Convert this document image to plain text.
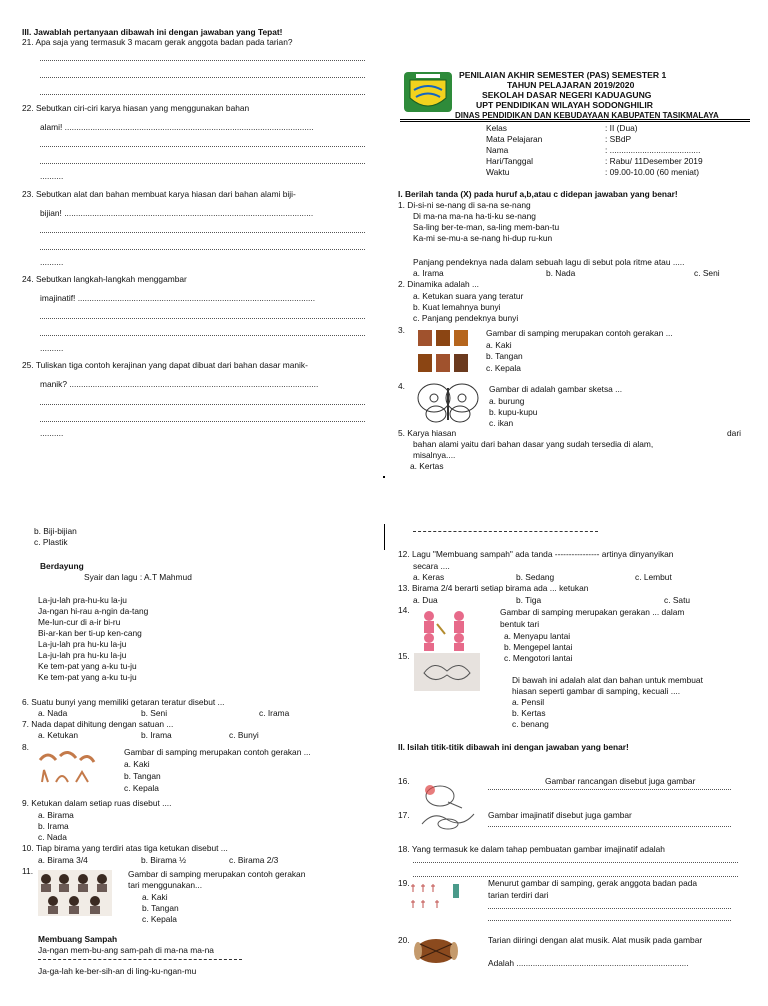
III. Jawablah pertanyaan dibawah ini dengan jawaban yang Tepat!
21. Apa saja yang termasuk 3 macam gerak anggota badan pada tarian?
22. Sebutkan ciri-ciri karya hiasan yang menggunakan bahan
alami! ...........................................................................................................
..........
23. Sebutkan alat dan bahan membuat karya hiasan dari bahan alami biji-
bijian! ...........................................................................................................
..........
24. Sebutkan langkah-langkah menggambar
imajinatif! ......................................................................................................
..........
25. Tuliskan tiga contoh kerajinan yang dapat dibuat dari bahan dasar manik-
manik? ...........................................................................................................
..........
PENILAIAN AKHIR SEMESTER (PAS) SEMESTER 1
TAHUN PELAJARAN 2019/2020
SEKOLAH DASAR NEGERI KADUAGUNG
UPT PENDIDIKAN WILAYAH SODONGHILIR
DINAS PENDIDIKAN DAN KEBUDAYAAN KABUPATEN TASIKMALAYA
Kelas	: II (Dua)
Mata Pelajaran	: SBdP
Nama	: .......................................
Hari/Tanggal	: Rabu/ 11Desember 2019
Waktu	: 09.00-10.00 (60 meniat)
I. Berilah tanda (X) pada huruf a,b,atau c didepan jawaban yang benar!
1. Di-si-ni se-nang di sa-na se-nang
Di ma-na ma-na ha-ti-ku se-nang
Sa-ling ber-te-man, sa-ling mem-ban-tu
Ka-mi se-mu-a se-nang hi-dup ru-kun
Panjang pendeknya nada dalam sebuah lagu di sebut pola ritme atau .....
a. Irama	b. Nada	c. Seni
2. Dinamika adalah ...
a. Ketukan suara yang teratur
b. Kuat lemahnya bunyi
c. Panjang pendeknya bunyi
3.	Gambar di samping merupakan contoh gerakan ...
a. Kaki
b. Tangan
c. Kepala
4.	Gambar di adalah gambar sketsa ...
a. burung
b. kupu-kupu
c. ikan
5. Karya hiasan	dari
bahan alami yaitu dari bahan dasar yang sudah tersedia di alam,
misalnya....
a. Kertas
b. Biji-bijian
c. Plastik
Berdayung
Syair dan lagu : A.T Mahmud
La-ju-lah pra-hu-ku la-ju
Ja-ngan hi-rau a-ngin da-tang
Me-lun-cur di a-ir bi-ru
Bi-ar-kan ber ti-up ken-cang
La-ju-lah pra hu-ku la-ju
La-ju-lah pra hu-ku la-ju
Ke tem-pat yang a-ku tu-ju
Ke tem-pat yang a-ku tu-ju
6. Suatu bunyi yang memiliki getaran teratur disebut ...
a. Nada	b. Seni	c. Irama
7. Nada dapat dihitung dengan satuan ...
a. Ketukan	b. Irama	c. Bunyi
8.	Gambar di samping merupakan contoh gerakan ...
a. Kaki
b. Tangan
c. Kepala
9. Ketukan dalam setiap ruas disebut ....
a. Birama
b. Irama
c. Nada
10. Tiap birama yang terdiri atas tiga ketukan disebut ...
a. Birama 3/4	b. Birama ½	c. Birama 2/3
11.	Gambar di samping merupakan contoh gerakan
tari menggunakan...
a. Kaki
b. Tangan
c. Kepala
Membuang Sampah
Ja-ngan mem-bu-ang sam-pah di ma-na ma-na
Ja-ga-lah ke-ber-sih-an di ling-ku-ngan-mu
12. Lagu "Membuang sampah" ada tanda ---------------- artinya dinyanyikan
secara ....
a. Keras	b. Sedang	c. Lembut
13. Birama 2/4 berarti setiap birama ada ... ketukan
a. Dua	b. Tiga	c. Satu
14.	Gambar di samping merupakan gerakan ... dalam
bentuk tari
a. Menyapu lantai
b. Mengepel lantai
c. Mengotori lantai
15.
Di bawah ini adalah alat dan bahan untuk membuat
hiasan seperti gambar di samping, kecuali ....
a. Pensil
b. Kertas
c. benang
II. Isilah titik-titik dibawah ini dengan jawaban yang benar!
16.	Gambar rancangan disebut juga gambar
17.	Gambar imajinatif disebut juga gambar
18. Yang termasuk ke dalam tahap pembuatan gambar imajinatif adalah
19.	Menurut gambar di samping, gerak anggota badan pada
tarian terdiri dari
20.	Tarian diiringi dengan alat musik. Alat musik pada gambar
Adalah ..........................................................................
